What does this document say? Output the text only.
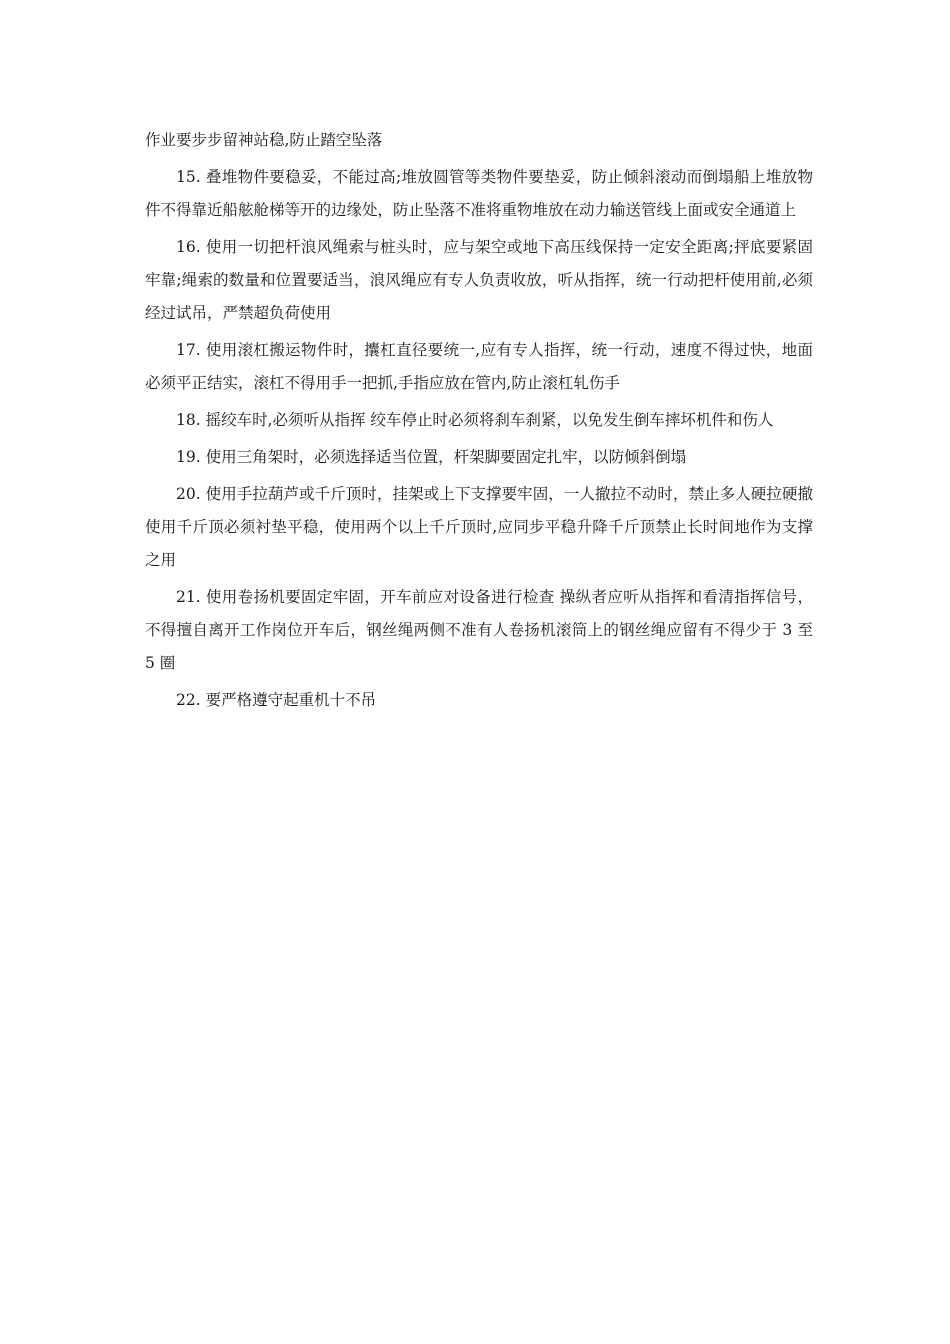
作业要步步留神站稳,防止踏空坠落

15. 叠堆物件要稳妥，不能过高;堆放圆管等类物件要垫妥，防止倾斜滚动而倒塌船上堆放物件不得靠近船舷舱梯等开的边缘处，防止坠落不准将重物堆放在动力输送管线上面或安全通道上

16. 使用一切把杆浪风绳索与桩头时，应与架空或地下高压线保持一定安全距离;抨底要紧固牢靠;绳索的数量和位置要适当，浪风绳应有专人负责收放，听从指挥，统一行动把杆使用前,必须经过试吊，严禁超负荷使用

17. 使用滚杠搬运物件时，攮杠直径要统一,应有专人指挥，统一行动，速度不得过快，地面必须平正结实，滚杠不得用手一把抓,手指应放在管内,防止滚杠轧伤手

18. 摇绞车时,必须听从指挥 绞车停止时必须将刹车刹紧，以免发生倒车摔坏机件和伤人

19. 使用三角架时，必须选择适当位置，杆架脚要固定扎牢，以防倾斜倒塌

20. 使用手拉葫芦或千斤顶时，挂架或上下支撑要牢固，一人撤拉不动时，禁止多人硬拉硬撤 使用千斤顶必须衬垫平稳，使用两个以上千斤顶时,应同步平稳升降千斤顶禁止长时间地作为支撑之用

21. 使用卷扬机要固定牢固，开车前应对设备进行检查 操纵者应听从指挥和看清指挥信号，不得擅自离开工作岗位开车后，钢丝绳两侧不准有人卷扬机滚筒上的钢丝绳应留有不得少于 3 至 5 圈

22. 要严格遵守起重机十不吊
